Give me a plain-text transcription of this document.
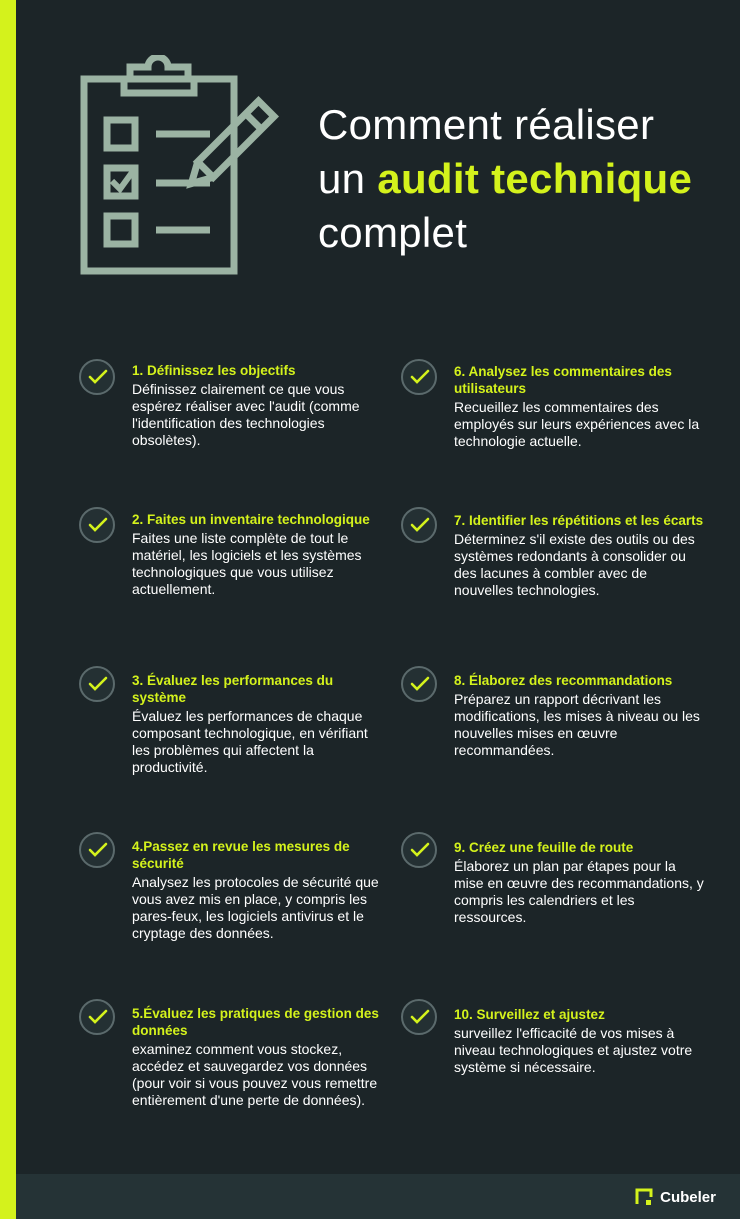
Comment réaliser
un audit technique
complet

1. Définissez les objectifs

Définissez clairement ce que vous espérez réaliser avec l'audit (comme l'identification des technologies obsolètes).

2. Faites un inventaire technologique

Faites une liste complète de tout le matériel, les logiciels et les systèmes technologiques que vous utilisez actuellement.

3. Évaluez les performances du système

Évaluez les performances de chaque composant technologique, en vérifiant les problèmes qui affectent la productivité.

4.Passez en revue les mesures de sécurité

Analysez les protocoles de sécurité que vous avez mis en place, y compris les pares-feux, les logiciels antivirus et le cryptage des données.

5.Évaluez les pratiques de gestion des données

examinez comment vous stockez, accédez et sauvegardez vos données (pour voir si vous pouvez vous remettre entièrement d'une perte de données).

6. Analysez les commentaires des utilisateurs

Recueillez les commentaires des employés sur leurs expériences avec la technologie actuelle.

7. Identifier les répétitions et les écarts

Déterminez s'il existe des outils ou des systèmes redondants à consolider ou des lacunes à combler avec de nouvelles technologies.

8. Élaborez des recommandations

Préparez un rapport décrivant les modifications, les mises à niveau ou les nouvelles mises en œuvre recommandées.

9. Créez une feuille de route

Élaborez un plan par étapes pour la mise en œuvre des recommandations, y compris les calendriers et les ressources.

10. Surveillez et ajustez

surveillez l'efficacité de vos mises à niveau technologiques et ajustez votre système si nécessaire.

Cubeler
